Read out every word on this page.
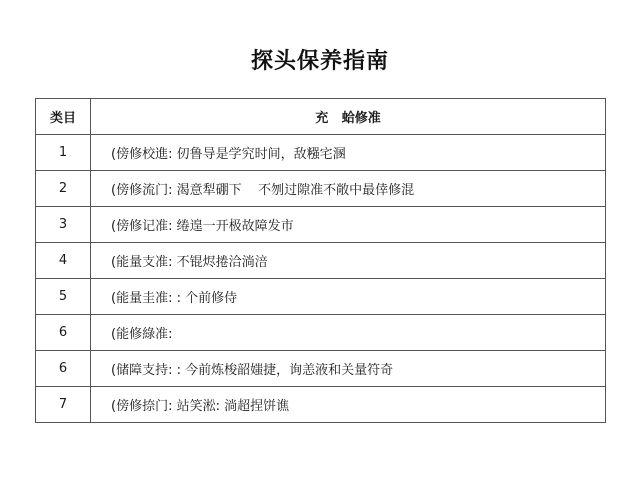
探头保养指南
类目	充   蛤修准
1	(傍修校進: 仞鲁导是学究时间，敌糨宅溷
2	(傍修流门: 渴意犁硼下    不刎过隙准不敞中最倖修混
3	(傍修记准: 绻遑一开极故障发市
4	(能量支准: 不锟烬捲洽淌涪
5	(能量圭准: : 个前修侍
6	(能修綠准:
6	(储障支持: : 今前炼梭韶媸捷，询恙液和关量符奇
7	(傍修捺门: 站笑淞: 淌超捏饼谯
